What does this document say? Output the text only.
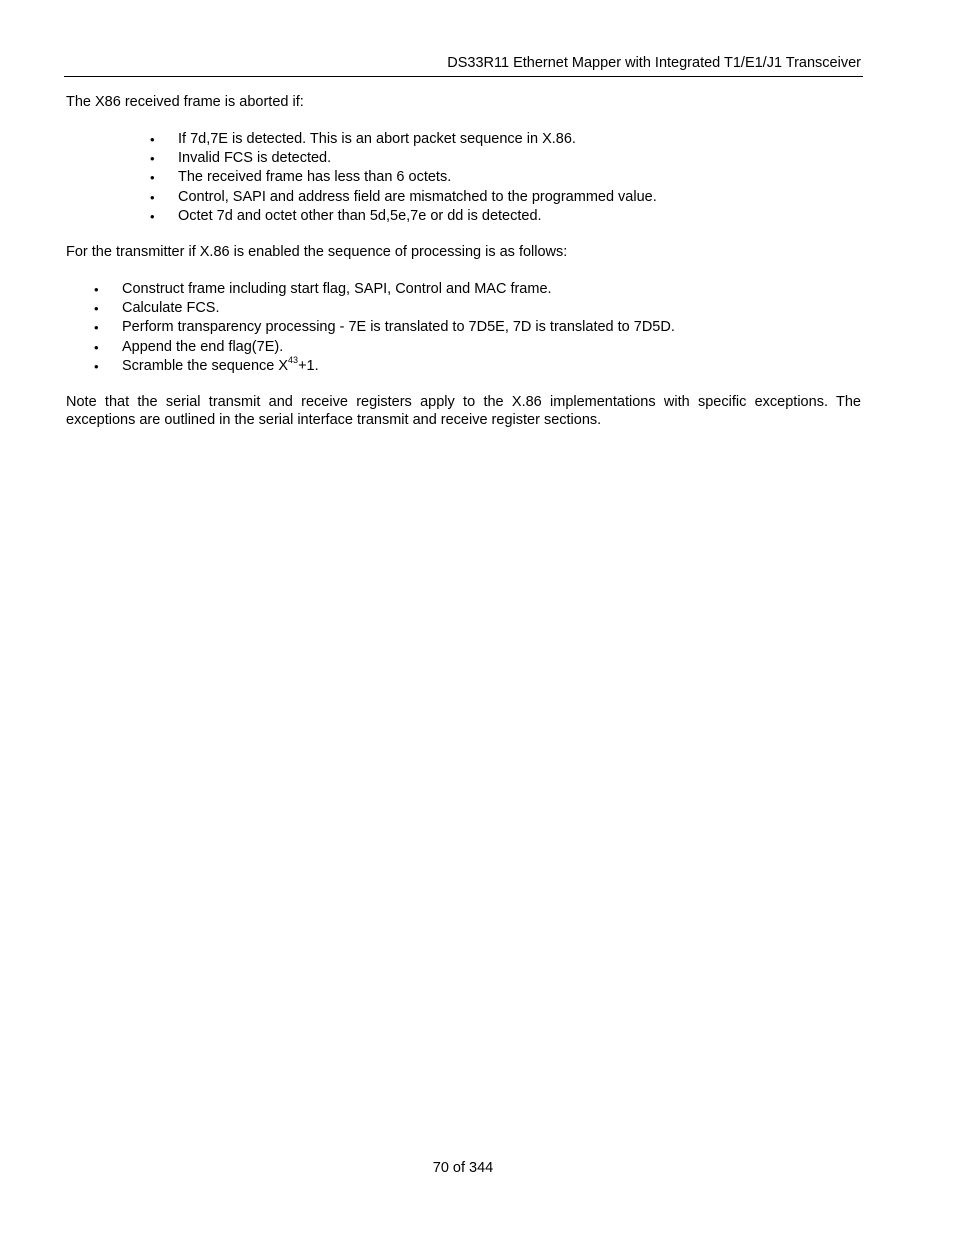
DS33R11 Ethernet Mapper with Integrated T1/E1/J1 Transceiver

The X86 received frame is aborted if:

• If 7d,7E is detected. This is an abort packet sequence in X.86.
• Invalid FCS is detected.
• The received frame has less than 6 octets.
• Control, SAPI and address field are mismatched to the programmed value.
• Octet 7d and octet other than 5d,5e,7e or dd is detected.

For the transmitter if X.86 is enabled the sequence of processing is as follows:

• Construct frame including start flag, SAPI, Control and MAC frame.
• Calculate FCS.
• Perform transparency processing - 7E is translated to 7D5E, 7D is translated to 7D5D.
• Append the end flag(7E).
• Scramble the sequence $X^{43}+1$.
Note that the serial transmit and receive registers apply to the X.86 implementations with specific exceptions. The
exceptions are outlined in the serial interface transmit and receive register sections.
70 of 344
